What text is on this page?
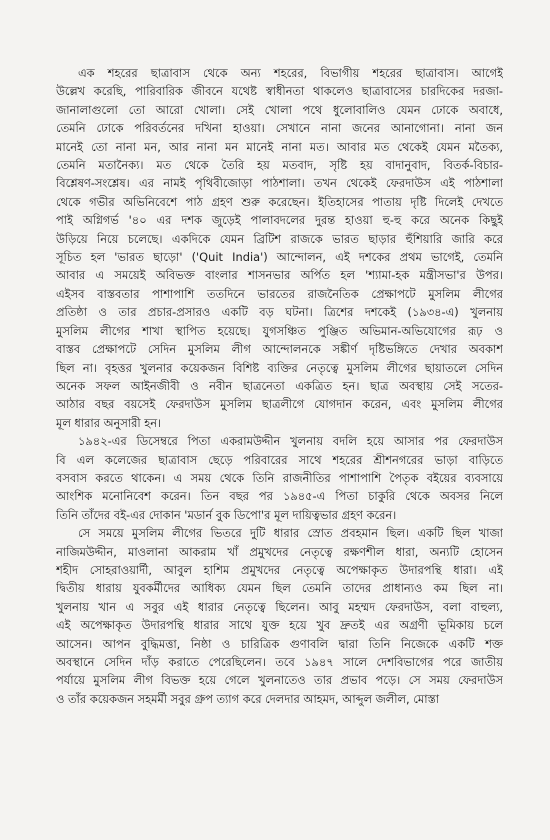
এক শহরের ছাত্রাবাস থেকে অন্য শহরের, বিভাগীয় শহরের ছাত্রাবাস। আগেই
উল্লেখ করেছি, পারিবারিক জীবনে যথেষ্ট স্বাধীনতা থাকলেও ছাত্রাবাসের চারদিকের দরজা-
জানালাগুলো তো আরো খোলা। সেই খোলা পথে ধুলোবালিও যেমন ঢোকে অবাধে,
তেমনি ঢোকে পরিবর্তনের দখিনা হাওয়া। সেখানে নানা জনের আনাগোনা। নানা জন
মানেই তো নানা মন, আর নানা মন মানেই নানা মত। আবার মত থেকেই যেমন মতৈক্য,
তেমনি মতানৈক্য। মত থেকে তৈরি হয় মতবাদ, সৃষ্টি হয় বাদানুবাদ, বিতর্ক-বিচার-
বিশ্লেষণ-সংশ্লেষ। এর নামই পৃথিবীজোড়া পাঠশালা। তখন থেকেই ফেরদাউস এই পাঠশালা
থেকে গভীর অভিনিবেশে পাঠ গ্রহণ শুরু করেছেন। ইতিহাসের পাতায় দৃষ্টি দিলেই দেখতে
পাই অগ্নিগর্ভ '৪০ এর দশক জুড়েই পালাবদলের দুরন্ত হাওয়া হু-হু করে অনেক কিছুই
উড়িয়ে নিয়ে চলেছে। একদিকে যেমন ব্রিটিশ রাজকে ভারত ছাড়ার হুঁশিয়ারি জারি করে
সূচিত হল 'ভারত ছাড়ো' ('Quit India') আন্দোলন, এই দশকের প্রথম ভাগেই, তেমনি
আবার এ সময়েই অবিভক্ত বাংলার শাসনভার অর্পিত হল 'শ্যামা-হক মন্ত্রীসভা'র উপর।
এইসব বাস্তবতার পাশাপাশি ততদিনে ভারতের রাজনৈতিক প্রেক্ষাপটে মুসলিম লীগের
প্রতিষ্ঠা ও তার প্রচার-প্রসারও একটি বড় ঘটনা। ত্রিশের দশকেই (১৯৩৪-এ) খুলনায়
মুসলিম লীগের শাখা স্থাপিত হয়েছে। যুগসঞ্চিত পুঞ্জিত অভিমান-অভিযোগের রূঢ় ও
বাস্তব প্রেক্ষাপটে সেদিন মুসলিম লীগ আন্দোলনকে সঙ্কীর্ণ দৃষ্টিভঙ্গিতে দেখার অবকাশ
ছিল না। বৃহত্তর খুলনার কয়েকজন বিশিষ্ট ব্যক্তির নেতৃত্বে মুসলিম লীগের ছায়াতলে সেদিন
অনেক সফল আইনজীবী ও নবীন ছাত্রনেতা একত্রিত হন। ছাত্র অবস্থায় সেই সতের-
আঠার বছর বয়সেই ফেরদাউস মুসলিম ছাত্রলীগে যোগদান করেন, এবং মুসলিম লীগের
মূল ধারার অনুসারী হন।
১৯৪২-এর ডিসেম্বরে পিতা একরামউদ্দীন খুলনায় বদলি হয়ে আসার পর ফেরদাউস
বি এল কলেজের ছাত্রাবাস ছেড়ে পরিবারের সাথে শহরের শ্রীশনগরের ভাড়া বাড়িতে
বসবাস করতে থাকেন। এ সময় থেকে তিনি রাজনীতির পাশাপাশি পৈতৃক বইয়ের ব্যবসায়ে
আংশিক মনোনিবেশ করেন। তিন বছর পর ১৯৪৫-এ পিতা চাকুরি থেকে অবসর নিলে
তিনি তাঁদের বই-এর দোকান 'মডার্ন বুক ডিপো'র মূল দায়িত্বভার গ্রহণ করেন।
সে সময়ে মুসলিম লীগের ভিতরে দুটি ধারার স্রোত প্রবহমান ছিল। একটি ছিল খাজা
নাজিমউদ্দীন, মাওলানা আকরাম খাঁ প্রমুখদের নেতৃত্বে রক্ষণশীল ধারা, অন্যটি হোসেন
শহীদ সোহরাওয়ার্দী, আবুল হাশিম প্রমুখদের নেতৃত্বে অপেক্ষাকৃত উদারপন্থি ধারা। এই
দ্বিতীয় ধারায় যুবকর্মীদের আধিক্য যেমন ছিল তেমনি তাদের প্রাধান্যও কম ছিল না।
খুলনায় খান এ সবুর এই ধারার নেতৃত্বে ছিলেন। আবু মহম্মদ ফেরদাউস, বলা বাহুল্য,
এই অপেক্ষাকৃত উদারপন্থি ধারার সাথে যুক্ত হয়ে খুব দ্রুতই এর অগ্রণী ভূমিকায় চলে
আসেন। আপন বুদ্ধিমত্তা, নিষ্ঠা ও চারিত্রিক গুণাবলি দ্বারা তিনি নিজেকে একটি শক্ত
অবস্থানে সেদিন দাঁড় করাতে পেরেছিলেন। তবে ১৯৪৭ সালে দেশবিভাগের পরে জাতীয়
পর্যায়ে মুসলিম লীগ বিভক্ত হয়ে গেলে খুলনাতেও তার প্রভাব পড়ে। সে সময় ফেরদাউস
ও তাঁর কয়েকজন সহমর্মী সবুর গ্রুপ ত্যাগ করে দেলদার আহমদ, আব্দুল জলীল, মোস্তা
